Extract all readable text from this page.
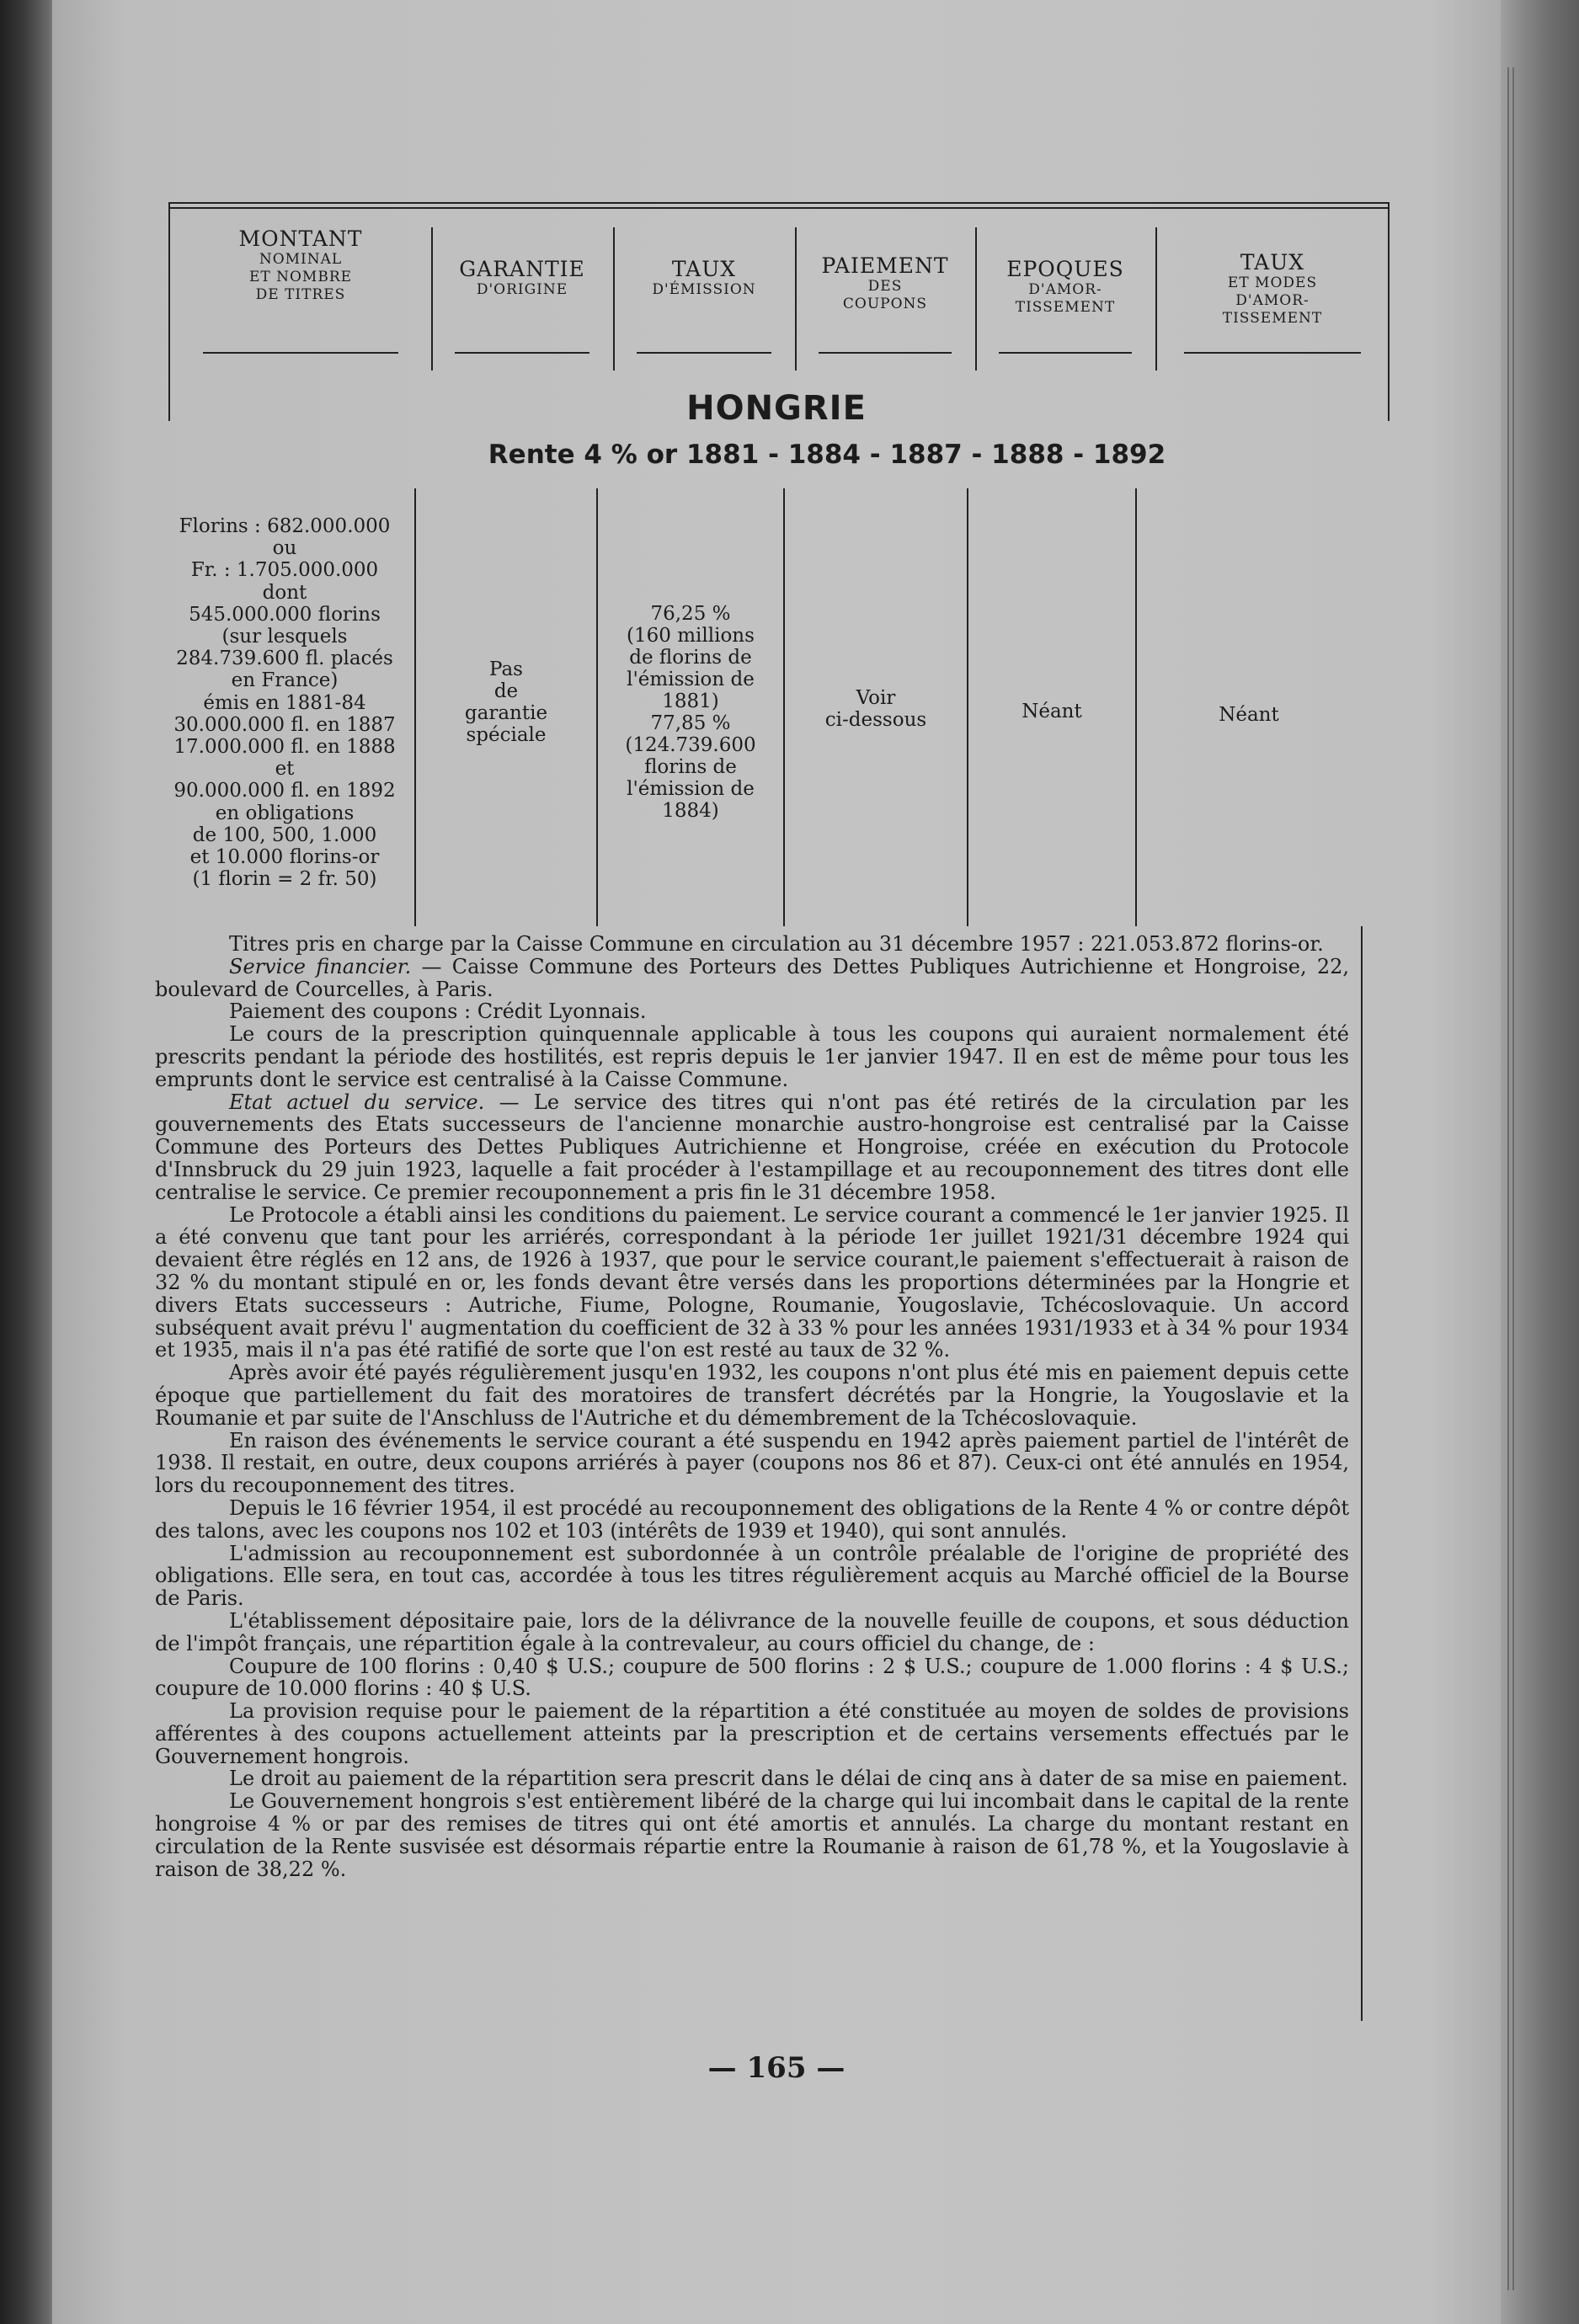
MONTANT
NOMINAL
ET NOMBRE
DE TITRES
GARANTIE
D'ORIGINE
TAUX
D'ÉMISSION
PAIEMENT
DES
COUPONS
EPOQUES
D'AMOR-
TISSEMENT
TAUX
ET MODES
D'AMOR-
TISSEMENT
HONGRIE
Rente 4 % or 1881 - 1884 - 1887 - 1888 - 1892
Florins : 682.000.000
ou
Fr. : 1.705.000.000
dont
545.000.000 florins
(sur lesquels
284.739.600 fl. placés
en France)
émis en 1881-84
30.000.000 fl. en 1887
17.000.000 fl. en 1888
et
90.000.000 fl. en 1892
en obligations
de 100, 500, 1.000
et 10.000 florins-or
(1 florin = 2 fr. 50)
Pas
de
garantie
spéciale
76,25 %
(160 millions
de florins de
l'émission de
1881)
77,85 %
(124.739.600
florins de
l'émission de
1884)
Voir
ci-dessous	Néant	Néant

Titres pris en charge par la Caisse Commune en circulation au 31 décembre 1957 : 221.053.872 florins-or.

Service financier. — Caisse Commune des Porteurs des Dettes Publiques Autrichienne et Hongroise, 22, boulevard de Courcelles, à Paris.

Paiement des coupons : Crédit Lyonnais.

Le cours de la prescription quinquennale applicable à tous les coupons qui auraient normalement été prescrits pendant la période des hostilités, est repris depuis le 1er janvier 1947. Il en est de même pour tous les emprunts dont le service est centralisé à la Caisse Commune.

Etat actuel du service. — Le service des titres qui n'ont pas été retirés de la circulation par les gouvernements des Etats successeurs de l'ancienne monarchie austro-hongroise est centralisé par la Caisse Commune des Porteurs des Dettes Publiques Autrichienne et Hongroise, créée en exécution du Protocole d'Innsbruck du 29 juin 1923, laquelle a fait procéder à l'estampillage et au recouponnement des titres dont elle centralise le service. Ce premier recouponnement a pris fin le 31 décembre 1958.

Le Protocole a établi ainsi les conditions du paiement. Le service courant a commencé le 1er janvier 1925. Il a été convenu que tant pour les arriérés, correspondant à la période 1er juillet 1921/31 décembre 1924 qui devaient être réglés en 12 ans, de 1926 à 1937, que pour le service courant,le paiement s'effectuerait à raison de 32 % du montant stipulé en or, les fonds devant être versés dans les proportions déterminées par la Hongrie et divers Etats successeurs : Autriche, Fiume, Pologne, Roumanie, Yougoslavie, Tchécoslovaquie. Un accord subséquent avait prévu l' augmentation du coefficient de 32 à 33 % pour les années 1931/1933 et à 34 % pour 1934 et 1935, mais il n'a pas été ratifié de sorte que l'on est resté au taux de 32 %.

Après avoir été payés régulièrement jusqu'en 1932, les coupons n'ont plus été mis en paiement depuis cette époque que partiellement du fait des moratoires de transfert décrétés par la Hongrie, la Yougoslavie et la Roumanie et par suite de l'Anschluss de l'Autriche et du démembrement de la Tchécoslovaquie.

En raison des événements le service courant a été suspendu en 1942 après paiement partiel de l'intérêt de 1938. Il restait, en outre, deux coupons arriérés à payer (coupons nos 86 et 87). Ceux-ci ont été annulés en 1954, lors du recouponnement des titres.

Depuis le 16 février 1954, il est procédé au recouponnement des obligations de la Rente 4 % or contre dépôt des talons, avec les coupons nos 102 et 103 (intérêts de 1939 et 1940), qui sont annulés.

L'admission au recouponnement est subordonnée à un contrôle préalable de l'origine de propriété des obligations. Elle sera, en tout cas, accordée à tous les titres régulièrement acquis au Marché officiel de la Bourse de Paris.

L'établissement dépositaire paie, lors de la délivrance de la nouvelle feuille de coupons, et sous déduction de l'impôt français, une répartition égale à la contrevaleur, au cours officiel du change, de :

Coupure de 100 florins : 0,40 $ U.S.; coupure de 500 florins : 2 $ U.S.; coupure de 1.000 florins : 4 $ U.S.; coupure de 10.000 florins : 40 $ U.S.

La provision requise pour le paiement de la répartition a été constituée au moyen de soldes de provisions afférentes à des coupons actuellement atteints par la prescription et de certains versements effectués par le Gouvernement hongrois.

Le droit au paiement de la répartition sera prescrit dans le délai de cinq ans à dater de sa mise en paiement.

Le Gouvernement hongrois s'est entièrement libéré de la charge qui lui incombait dans le capital de la rente hongroise 4 % or par des remises de titres qui ont été amortis et annulés. La charge du montant restant en circulation de la Rente susvisée est désormais répartie entre la Roumanie à raison de 61,78 %, et la Yougoslavie à raison de 38,22 %.

— 165 —
